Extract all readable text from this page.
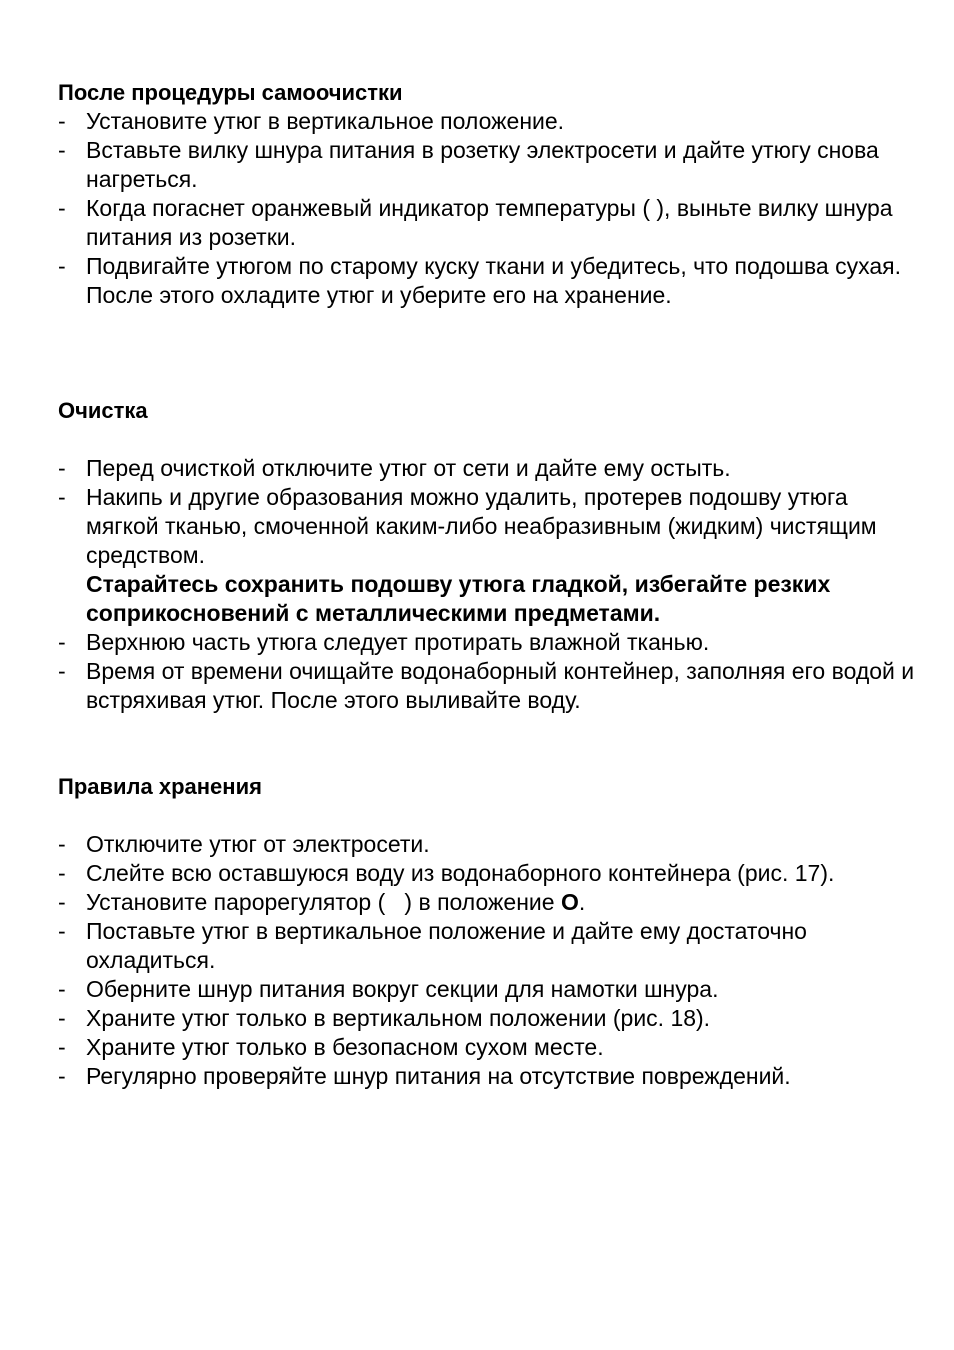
После процедуры самоочистки
- Установите утюг в вертикальное положение.
- Вставьте вилку шнура питания в розетку электросети и дайте утюгу снова нагреться.
- Когда погаснет оранжевый индикатор температуры ( ), выньте вилку шнура питания из розетки.
- Подвигайте утюгом по старому куску ткани и убедитесь, что подошва сухая. После этого охладите утюг и уберите его на хранение.
Очистка
- Перед очисткой отключите утюг от сети и дайте ему остыть.
- Накипь и другие образования можно удалить, протерев подошву утюга мягкой тканью, смоченной каким-либо неабразивным (жидким) чистящим средством.
Старайтесь сохранить подошву утюга гладкой, избегайте резких соприкосновений с металлическими предметами.
- Верхнюю часть утюга следует протирать влажной тканью.
- Время от времени очищайте водонаборный контейнер, заполняя его водой и встряхивая утюг. После этого выливайте воду.
Правила хранения
- Отключите утюг от электросети.
- Слейте всю оставшуюся воду из водонаборного контейнера (рис. 17).
- Установите парорегулятор (   ) в положение O.
- Поставьте утюг в вертикальное положение и дайте ему достаточно охладиться.
- Оберните шнур питания вокруг секции для намотки шнура.
- Храните утюг только в вертикальном положении (рис. 18).
- Храните утюг только в безопасном сухом месте.
- Регулярно проверяйте шнур питания на отсутствие повреждений.
